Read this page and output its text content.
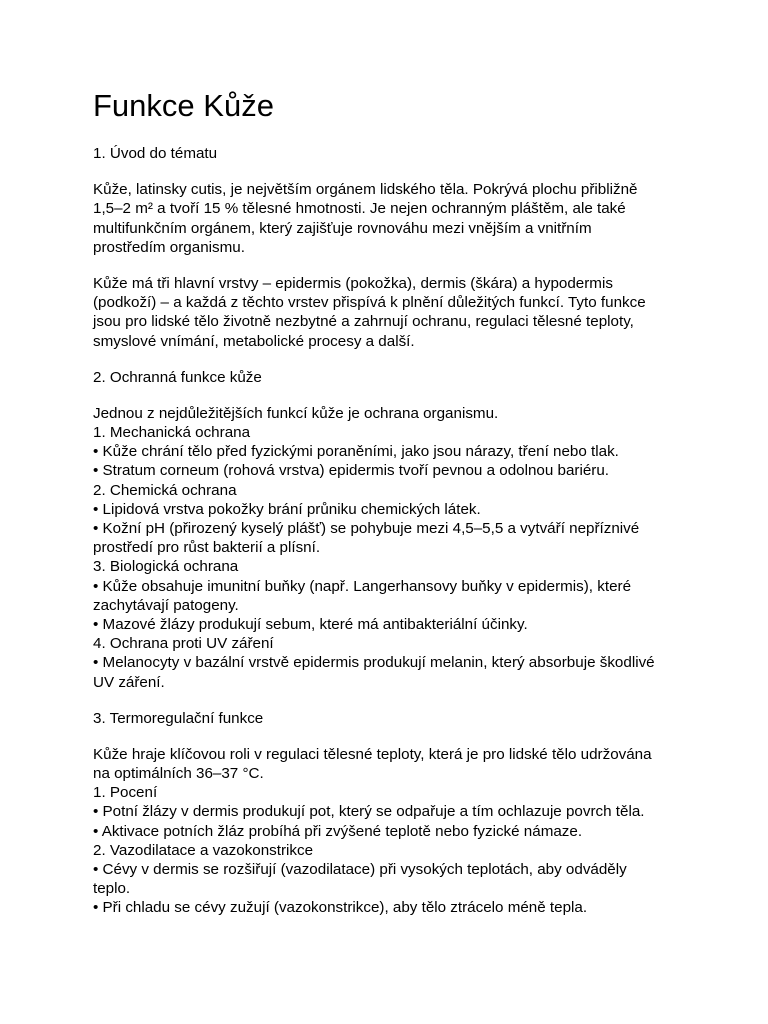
Funkce Kůže
1. Úvod do tématu
Kůže, latinsky cutis, je největším orgánem lidského těla. Pokrývá plochu přibližně
1,5–2 m² a tvoří 15 % tělesné hmotnosti. Je nejen ochranným pláštěm, ale také
multifunkčním orgánem, který zajišťuje rovnováhu mezi vnějším a vnitřním
prostředím organismu.
Kůže má tři hlavní vrstvy – epidermis (pokožka), dermis (škára) a hypodermis
(podkoží) – a každá z těchto vrstev přispívá k plnění důležitých funkcí. Tyto funkce
jsou pro lidské tělo životně nezbytné a zahrnují ochranu, regulaci tělesné teploty,
smyslové vnímání, metabolické procesy a další.
2. Ochranná funkce kůže
Jednou z nejdůležitějších funkcí kůže je ochrana organismu.
1. Mechanická ochrana
• Kůže chrání tělo před fyzickými poraněními, jako jsou nárazy, tření nebo tlak.
• Stratum corneum (rohová vrstva) epidermis tvoří pevnou a odolnou bariéru.
2. Chemická ochrana
• Lipidová vrstva pokožky brání průniku chemických látek.
• Kožní pH (přirozený kyselý plášť) se pohybuje mezi 4,5–5,5 a vytváří nepříznivé
prostředí pro růst bakterií a plísní.
3. Biologická ochrana
• Kůže obsahuje imunitní buňky (např. Langerhansovy buňky v epidermis), které
zachytávají patogeny.
• Mazové žlázy produkují sebum, které má antibakteriální účinky.
4. Ochrana proti UV záření
• Melanocyty v bazální vrstvě epidermis produkují melanin, který absorbuje škodlivé
UV záření.
3. Termoregulační funkce
Kůže hraje klíčovou roli v regulaci tělesné teploty, která je pro lidské tělo udržována
na optimálních 36–37 °C.
1. Pocení
• Potní žlázy v dermis produkují pot, který se odpařuje a tím ochlazuje povrch těla.
• Aktivace potních žláz probíhá při zvýšené teplotě nebo fyzické námaze.
2. Vazodilatace a vazokonstrikce
• Cévy v dermis se rozšiřují (vazodilatace) při vysokých teplotách, aby odváděly
teplo.
• Při chladu se cévy zužují (vazokonstrikce), aby tělo ztrácelo méně tepla.
